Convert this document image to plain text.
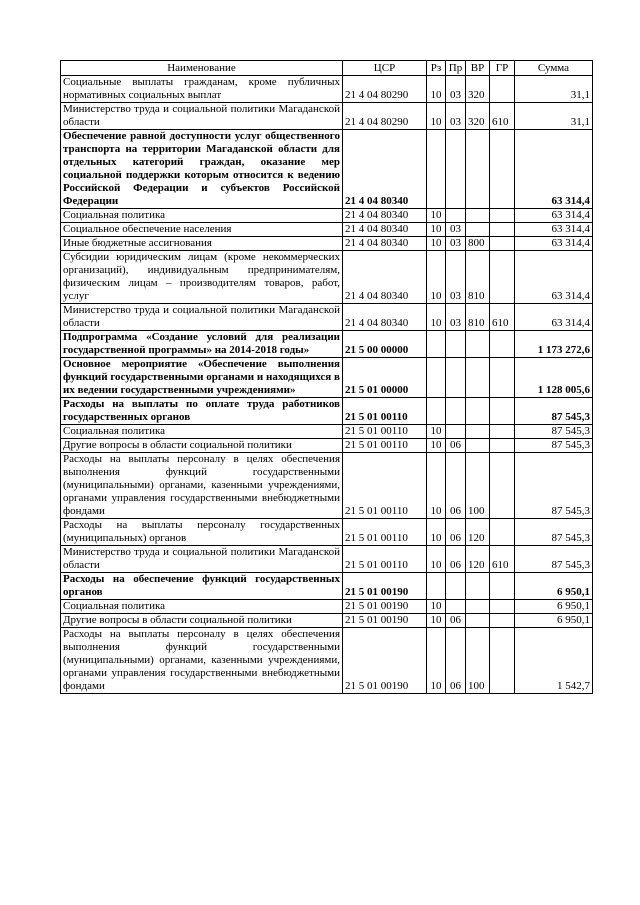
Наименование	ЦСР	Рз	Пр	ВР	ГР	Сумма
Социальные выплаты гражданам, кроме публичных нормативных социальных выплат	21 4 04 80290	10	03	320		31,1
Министерство труда и социальной политики Магаданской области	21 4 04 80290	10	03	320	610	31,1
Обеспечение равной доступности услуг общественного транспорта на территории Магаданской области для отдельных категорий граждан, оказание мер социальной поддержки которым относится к ведению Российской Федерации и субъектов Российской Федерации	21 4 04 80340					63 314,4
Социальная политика	21 4 04 80340	10				63 314,4
Социальное обеспечение населения	21 4 04 80340	10	03			63 314,4
Иные бюджетные ассигнования	21 4 04 80340	10	03	800		63 314,4
Субсидии юридическим лицам (кроме некоммерческих организаций), индивидуальным предпринимателям, физическим лицам – производителям товаров, работ, услуг	21 4 04 80340	10	03	810		63 314,4
Министерство труда и социальной политики Магаданской области	21 4 04 80340	10	03	810	610	63 314,4
Подпрограмма «Создание условий для реализации государственной программы» на 2014-2018 годы»	21 5 00 00000					1 173 272,6
Основное мероприятие «Обеспечение выполнения функций государственными органами и находящихся в их ведении государственными учреждениями»	21 5 01 00000					1 128 005,6
Расходы на выплаты по оплате труда работников государственных органов	21 5 01 00110					87 545,3
Социальная политика	21 5 01 00110	10				87 545,3
Другие вопросы в области социальной политики	21 5 01 00110	10	06			87 545,3
Расходы на выплаты персоналу в целях обеспечения выполнения функций государственными (муниципальными) органами, казенными учреждениями, органами управления государственными внебюджетными фондами	21 5 01 00110	10	06	100		87 545,3
Расходы на выплаты персоналу государственных (муниципальных) органов	21 5 01 00110	10	06	120		87 545,3
Министерство труда и социальной политики Магаданской области	21 5 01 00110	10	06	120	610	87 545,3
Расходы на обеспечение функций государственных органов	21 5 01 00190					6 950,1
Социальная политика	21 5 01 00190	10				6 950,1
Другие вопросы в области социальной политики	21 5 01 00190	10	06			6 950,1
Расходы на выплаты персоналу в целях обеспечения выполнения функций государственными (муниципальными) органами, казенными учреждениями, органами управления государственными внебюджетными фондами	21 5 01 00190	10	06	100		1 542,7
